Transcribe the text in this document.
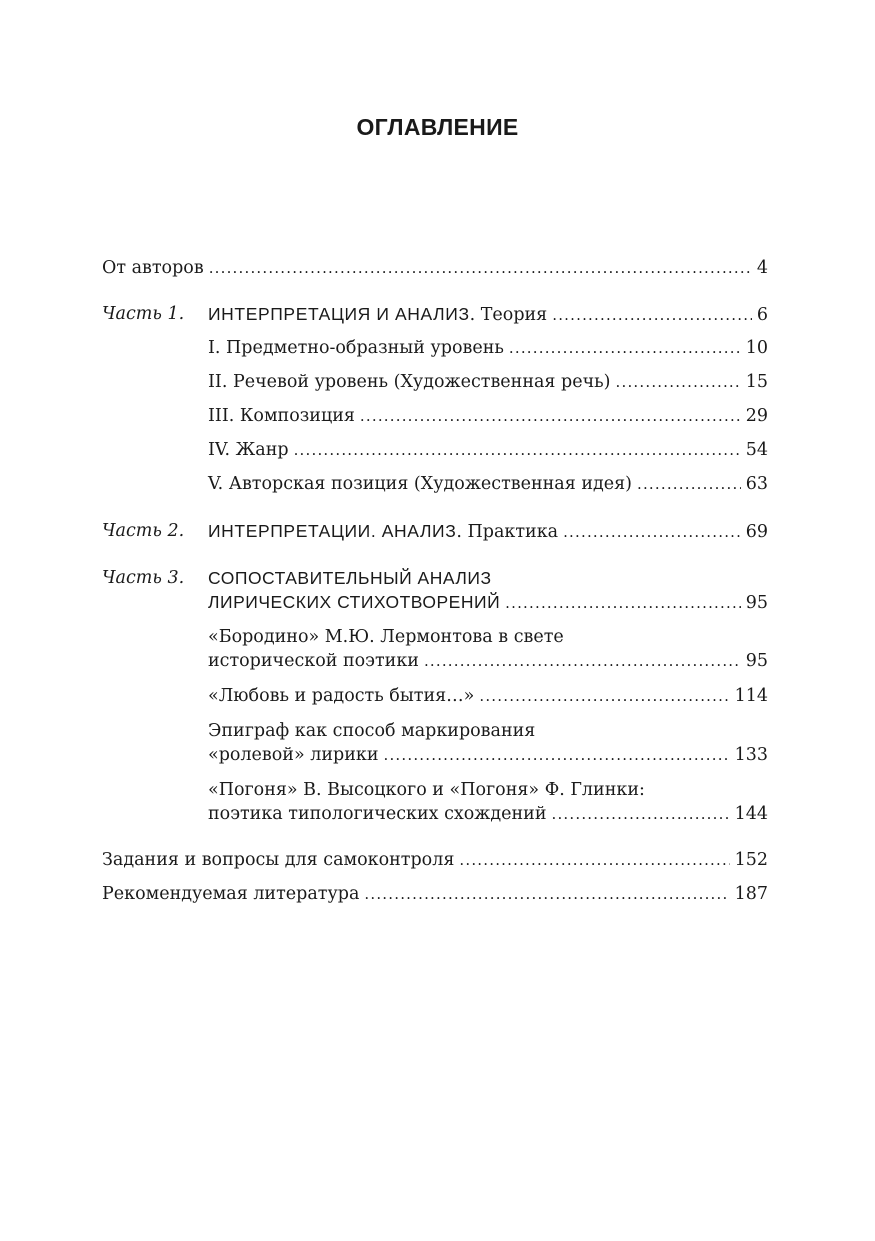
ОГЛАВЛЕНИЕ
От авторов .....	4
Часть 1.	ИНТЕРПРЕТАЦИЯ И АНАЛИЗ. Теория .....	6
I. Предметно-образный уровень .....	10
II. Речевой уровень (Художественная речь) .....	15
III. Композиция .....	29
IV. Жанр .....	54
V. Авторская позиция (Художественная идея) .....	63
Часть 2.	ИНТЕРПРЕТАЦИИ. АНАЛИЗ. Практика .....	69
Часть 3.	СОПОСТАВИТЕЛЬНЫЙ АНАЛИЗ
ЛИРИЧЕСКИХ СТИХОТВОРЕНИЙ .....	95
«Бородино» М.Ю. Лермонтова в свете
исторической поэтики .....	95
«Любовь и радость бытия…» .....	114
Эпиграф как способ маркирования
«ролевой» лирики .....	133
«Погоня» В. Высоцкого и «Погоня» Ф. Глинки:
поэтика типологических схождений .....	144
Задания и вопросы для самоконтроля .....	152
Рекомендуемая литература .....	187
